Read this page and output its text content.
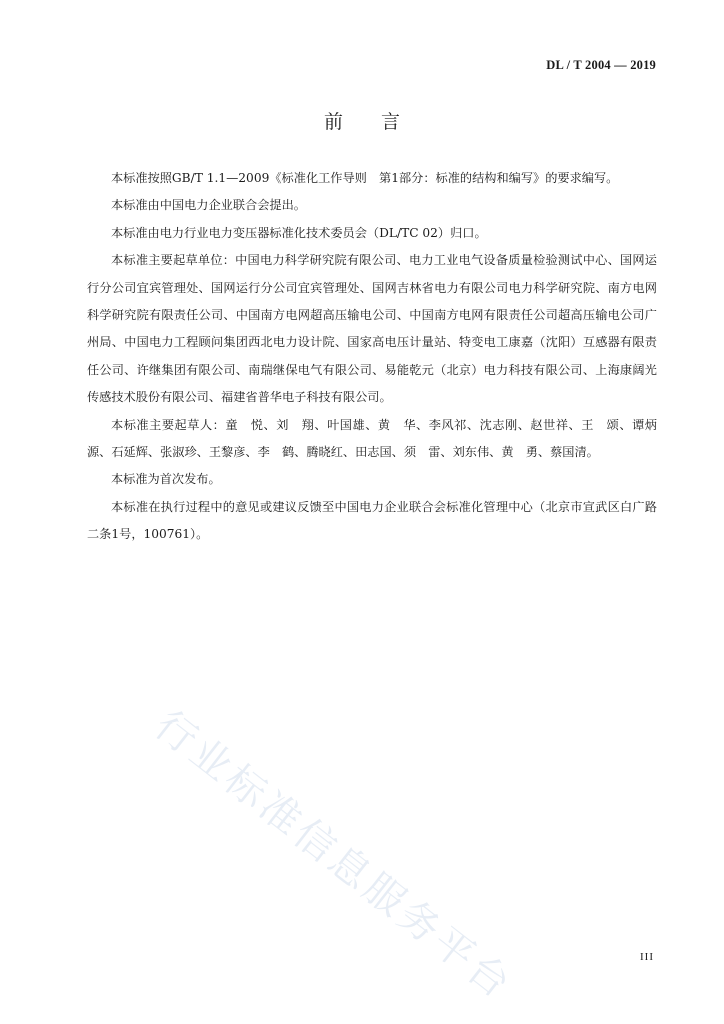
DL / T 2004 — 2019
前言

本标准按照GB/T 1.1—2009《标准化工作导则　第1部分：标准的结构和编写》的要求编写。

本标准由中国电力企业联合会提出。

本标准由电力行业电力变压器标准化技术委员会（DL/TC 02）归口。

本标准主要起草单位：中国电力科学研究院有限公司、电力工业电气设备质量检验测试中心、国网运行分公司宜宾管理处、国网运行分公司宜宾管理处、国网吉林省电力有限公司电力科学研究院、南方电网科学研究院有限责任公司、中国南方电网超高压输电公司、中国南方电网有限责任公司超高压输电公司广州局、中国电力工程顾问集团西北电力设计院、国家高电压计量站、特变电工康嘉（沈阳）互感器有限责任公司、许继集团有限公司、南瑞继保电气有限公司、易能乾元（北京）电力科技有限公司、上海康阔光传感技术股份有限公司、福建省普华电子科技有限公司。

本标准主要起草人：童　悦、刘　翔、叶国雄、黄　华、李风祁、沈志刚、赵世祥、王　颂、谭炳源、石延辉、张淑珍、王黎彦、李　鹤、腾晓红、田志国、须　雷、刘东伟、黄　勇、蔡国清。

本标准为首次发布。

本标准在执行过程中的意见或建议反馈至中国电力企业联合会标准化管理中心（北京市宣武区白广路二条1号，100761）。

行业标准信息服务平台	III
